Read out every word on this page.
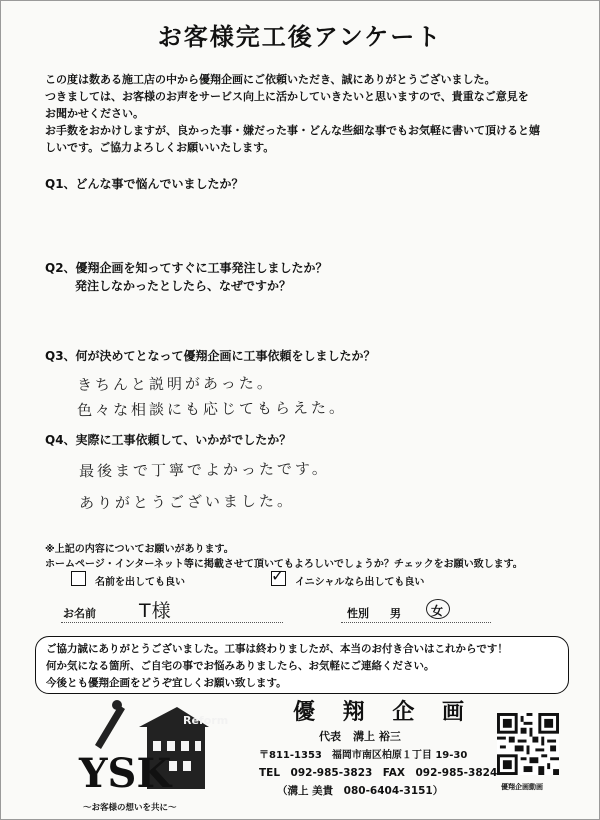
お客様完工後アンケート

この度は数ある施工店の中から優翔企画にご依頼いただき、誠にありがとうございました。

つきましては、お客様のお声をサービス向上に活かしていきたいと思いますので、貴重なご意見を

お聞かせください。

お手数をおかけしますが、良かった事・嫌だった事・どんな些細な事でもお気軽に書いて頂けると嬉

しいです。ご協力よろしくお願いいたします。

Q1、どんな事で悩んでいましたか？
Q2、優翔企画を知ってすぐに工事発注しましたか？
発注しなかったとしたら、なぜですか？
Q3、何が決めてとなって優翔企画に工事依頼をしましたか？
きちんと説明があった。
色々な相談にも応じてもらえた。
Q4、実際に工事依頼して、いかがでしたか？
最後まで丁寧でよかったです。
ありがとうございました。
※上記の内容についてお願いがあります。
ホームページ・インターネット等に掲載させて頂いてもよろしいでしょうか？チェックをお願い致します。
名前を出しても良い	✓ イニシャルなら出しても良い
お名前 T様	性別 男	女

ご協力誠にありがとうございました。工事は終わりましたが、本当のお付き合いはこれからです！

何か気になる箇所、ご自宅の事でお悩みありましたら、お気軽にご連絡ください。

今後とも優翔企画をどうぞ宜しくお願い致します。

Reform
YSK
優 翔 企 画
代表 溝上 裕三
〒811-1353　福岡市南区柏原１丁目 19-30
TEL　092-985-3823　FAX　092-985-3824
（溝上 美貴　080-6404-3151）	優翔企画動画
～お客様の想いを共に～
